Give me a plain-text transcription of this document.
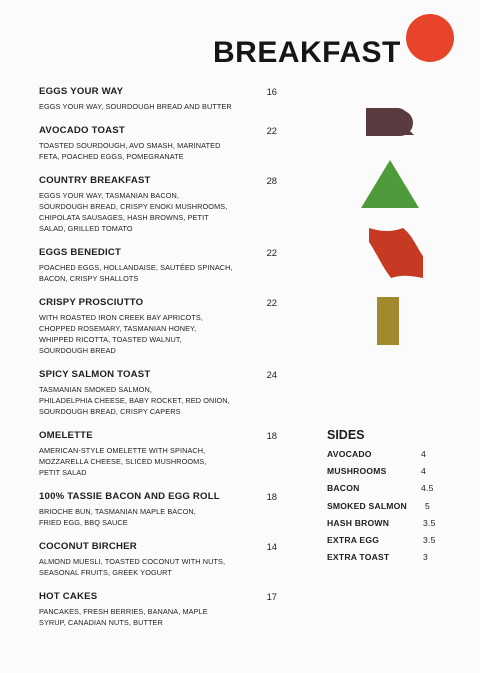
BREAKFAST
EGGS YOUR WAY	16
EGGS YOUR WAY, SOURDOUGH BREAD AND BUTTER
AVOCADO TOAST	22
TOASTED SOURDOUGH, AVO SMASH, MARINATED
FETA, POACHED EGGS, POMEGRANATE
COUNTRY BREAKFAST	28
EGGS YOUR WAY, TASMANIAN BACON,
SOURDOUGH BREAD, CRISPY ENOKI MUSHROOMS,
CHIPOLATA SAUSAGES, HASH BROWNS, PETIT
SALAD, GRILLED TOMATO
EGGS BENEDICT	22
POACHED EGGS, HOLLANDAISE, SAUTÉED SPINACH,
BACON, CRISPY SHALLOTS
CRISPY PROSCIUTTO	22
WITH ROASTED IRON CREEK BAY APRICOTS,
CHOPPED ROSEMARY, TASMANIAN HONEY,
WHIPPED RICOTTA, TOASTED WALNUT,
SOURDOUGH BREAD
SPICY SALMON TOAST	24
TASMANIAN SMOKED SALMON,
PHILADELPHIA CHEESE, BABY ROCKET, RED ONION,
SOURDOUGH BREAD, CRISPY CAPERS
OMELETTE	18
AMERICAN-STYLE OMELETTE WITH SPINACH,
MOZZARELLA CHEESE, SLICED MUSHROOMS,
PETIT SALAD
100% TASSIE BACON AND EGG ROLL	18
BRIOCHE BUN, TASMANIAN MAPLE BACON,
FRIED EGG, BBQ SAUCE
COCONUT BIRCHER	14
ALMOND MUESLI, TOASTED COCONUT WITH NUTS,
SEASONAL FRUITS, GREEK YOGURT
HOT CAKES	17
PANCAKES, FRESH BERRIES, BANANA, MAPLE
SYRUP, CANADIAN NUTS, BUTTER
SIDES
AVOCADO	4
MUSHROOMS	4
BACON	4.5
SMOKED SALMON 5
HASH BROWN	3.5
EXTRA EGG	3.5
EXTRA TOAST	3
